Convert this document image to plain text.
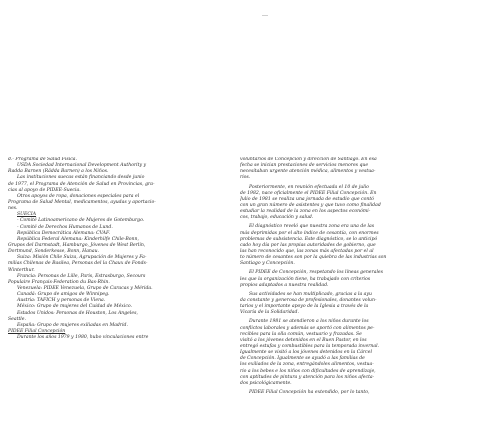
d.- Programa de Salud Física.
USDA Sociedad Internacional Development Authority y
Radda Barnen (Rädda Barnen) a los Niños.
Las instituciones suecas están financiando desde junio
de 1977, el Programa de Atención de Salud en Provincias, gra-
cias al apoyo de PIDEE-Suecia.
Otros apoyos de ropa, donaciones especiales para el
Programa de Salud Mental, medicamentos, ayudas y aportacio-
nes.
SUECIA
- Comité Latinoamericano de Mujeres de Gotemburgo.
- Comité de Derechos Humanos de Lund.
República Democrática Alemana: CVAF.
República Federal Alemana: Kinderhilfe Chile-Bonn,
Grupos del Darmstadt, Hamburgo, Jóvenes de West Berlín,
Dortmund, Sonderkesse, Bonn, Hanau.
Suiza: Misión Chile Suiza, Agrupación de Mujeres y Fa-
milias Chilenas de Basilea, Personas del la Chaux de Fonds-
Winterthur.
Francia: Personas de Lille, Paris, Estrasburgo, Secours
Populaire Français-Federation du Bas-Rhin.
Venezuela: PIDEE Venezuela, Grupo de Caracas y Mérida.
Canadá: Grupo de amigos de Winnipeg.
Austria: TAFICH y personas de Viena.
México: Grupo de mujeres del Cuidad de México.
Estados Unidos: Personas de Houston, Los Angeles,
Seattle.
España: Grupo de mujeres exiliadas en Madrid.
PIDEE Filial Concepción
Durante los años 1979 y 1980, hubo vinculaciones entre
voluntarios de Concepción y dirección de Santiago. En esa
fecha se inician prestaciones de servicios menores que
necesitaban urgente atención médica, alimentos y vestua-
rios.
Posteriormente, en reunión efectuada el 10 de julio
de 1982, nace oficialmente el PIDEE Filial Concepción. En
Julio de 1981 se realiza una jornada de estudio que contó
con un gran número de asistentes y que tuvo como finalidad
estudiar la realidad de la zona en los aspectos económi-
cos, trabajo, educación y salud.
El diagnóstico reveló que nuestra zona era una de las
más deprimidas por el alto índice de cesantía, con enormes
problemas de subsistencia. Este diagnóstico, se lo anticipó
cado hoy día por las propias autoridades de gobierno, que
las han reconocido que, las zonas más afectadas por el al
to número de cesantes son por la quiebra de las industrias son
Santiago y Concepción.
El PIDEE de Concepción, respetando los líneas generales
les que la organización tiene, ha trabajado con criterios
propios adaptados a nuestra realidad.
Sus actividades se han multiplicado, gracias a la ayu
da constante y generosa de profesionales, donantes volun-
tarios y el importante apoyo de la Iglesia a través de la
Vicaría de la Solidaridad.
Durante 1981 se atendieron a los niños durante los
conflictos laborales y además se aportó con alimentos pe-
recibles para la olla común, vestuario y frazadas. Se
visitó a los jóvenes detenidos en el Buen Pastor, en los
entregó estufas y combustibles para la temporada invernal.
Igualmente se visitó a los jóvenes detenidos en la Cárcel
de Concepción. Igualmente se ayudó a las familias de
los exiliados de la zona, entregándoles alimentos, vestua-
rio a los bebes e los niños con dificultades de aprendizaje,
con aptitudes de pintura y atención para los niños afecta-
dos psicológicamente.
PIDEE Filial Concepción ha extendido, por lo tanto,
